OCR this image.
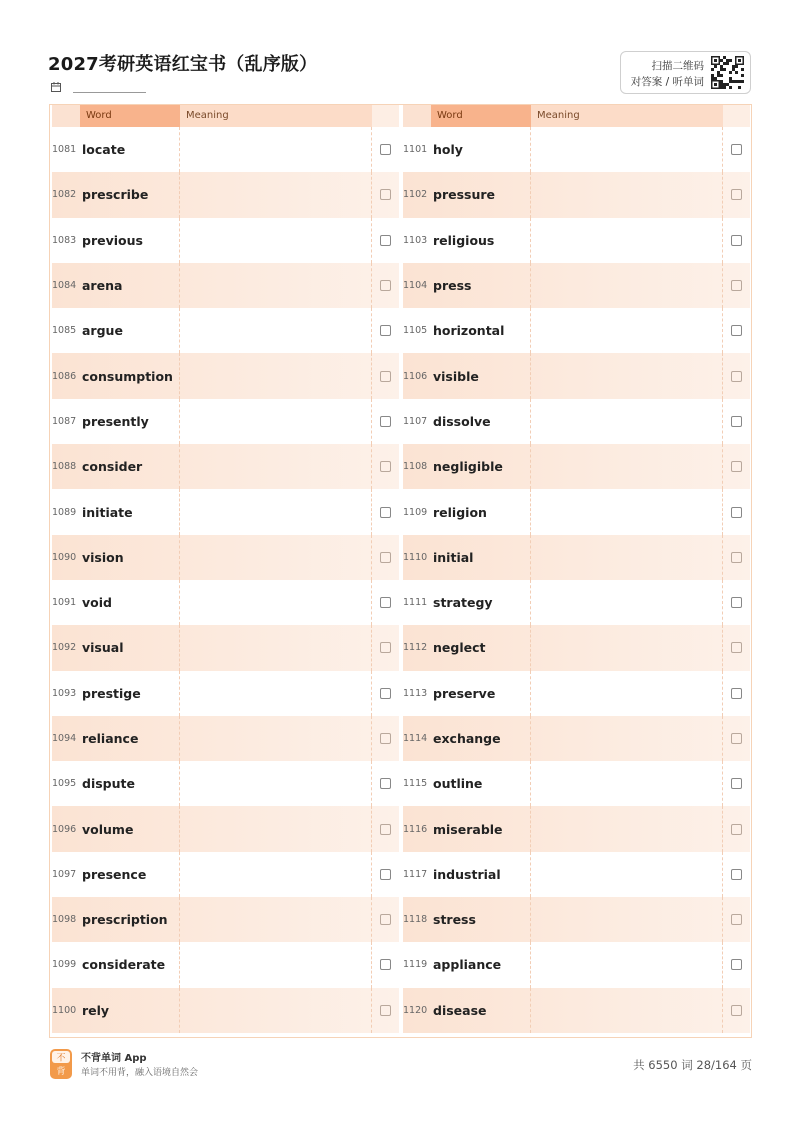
2027考研英语红宝书（乱序版）	扫描二维码
对答案 / 听单词
Word	Meaning
1081 locate
1082 prescribe
1083 previous
1084 arena
1085 argue
1086 consumption
1087 presently
1088 consider
1089 initiate
1090 vision
1091 void
1092 visual
1093 prestige
1094 reliance
1095 dispute
1096 volume
1097 presence
1098 prescription
1099 considerate
1100 rely
Word	Meaning
1101 holy
1102 pressure
1103 religious
1104 press
1105 horizontal
1106 visible
1107 dissolve
1108 negligible
1109 religion
1110 initial
1111 strategy
1112 neglect
1113 preserve
1114 exchange
1115 outline
1116 miserable
1117 industrial
1118 stress
1119 appliance
1120 disease
不
背
不背单词 App
单词不用背，融入语境自然会
共 6550 词 28/164 页
